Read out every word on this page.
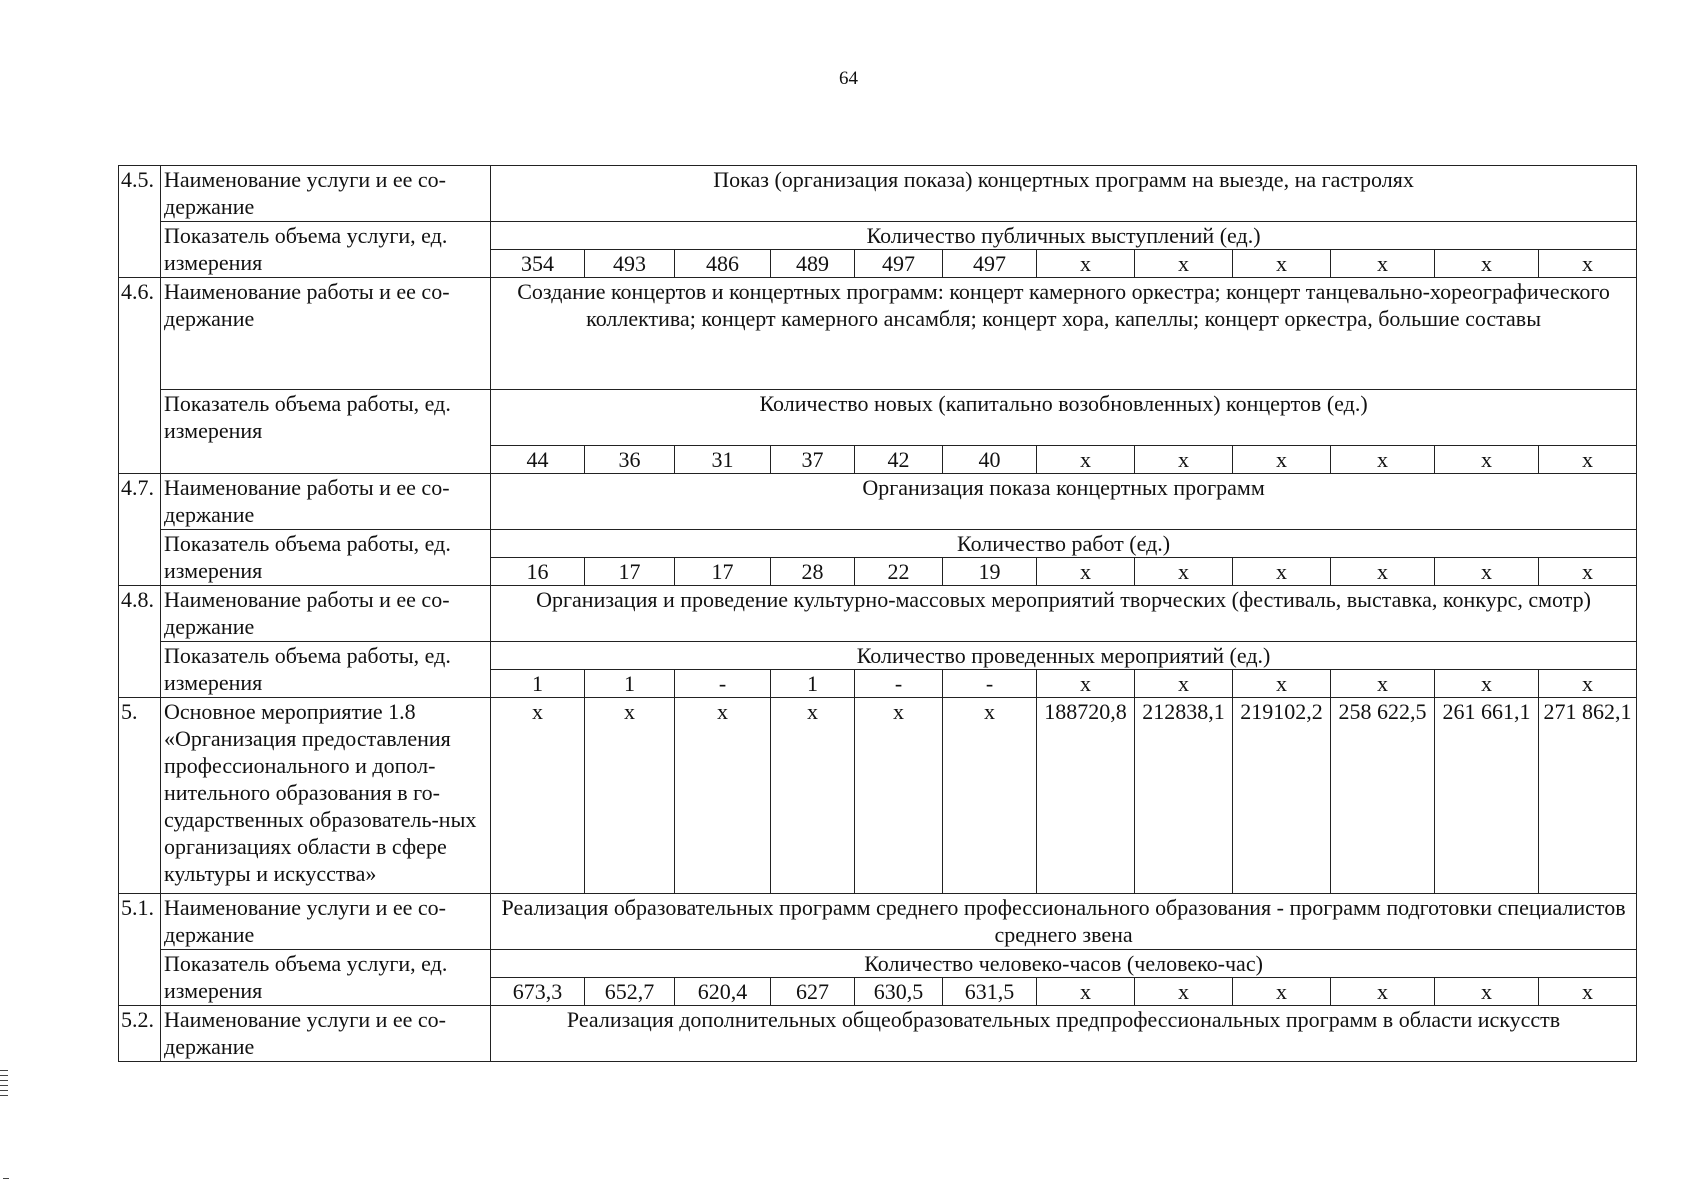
64
4.5.	Наименование услуги и ее со-держание	Показ (организация показа) концертных программ на выезде, на гастролях											
	Показатель объема услуги, ед. измерения	Количество публичных выступлений (ед.)											
		354	493	486	489	497	497	x	x	x	x	x	x
4.6.	Наименование работы и ее со-держание	Создание концертов и концертных программ: концерт камерного оркестра; концерт танцевально-хореографического коллектива; концерт камерного ансамбля; концерт хора, капеллы; концерт оркестра, большие составы											
	Показатель объема работы, ед. измерения	Количество новых (капитально возобновленных) концертов (ед.)											
		44	36	31	37	42	40	x	x	x	x	x	x
4.7.	Наименование работы и ее со-держание	Организация показа концертных программ											
	Показатель объема работы, ед. измерения	Количество работ (ед.)											
		16	17	17	28	22	19	x	x	x	x	x	x
4.8.	Наименование работы и ее со-держание	Организация и проведение культурно-массовых мероприятий творческих (фестиваль, выставка, конкурс, смотр)											
	Показатель объема работы, ед. измерения	Количество проведенных мероприятий (ед.)											
		1	1	-	1	-	-	x	x	x	x	x	x
5.	Основное мероприятие 1.8 «Организация предоставления профессионального и допол-нительного образования в го-сударственных образователь-ных организациях области в сфере культуры и искусства»	x	x	x	x	x	x	188720,8	212838,1	219102,2	258 622,5	261 661,1	271 862,1
5.1.	Наименование услуги и ее со-держание	Реализация образовательных программ среднего профессионального образования - программ подготовки специалистов среднего звена											
	Показатель объема услуги, ед. измерения	Количество человеко-часов (человеко-час)											
		673,3	652,7	620,4	627	630,5	631,5	x	x	x	x	x	x
5.2.	Наименование услуги и ее со-держание	Реализация дополнительных общеобразовательных предпрофессиональных программ в области искусств											
